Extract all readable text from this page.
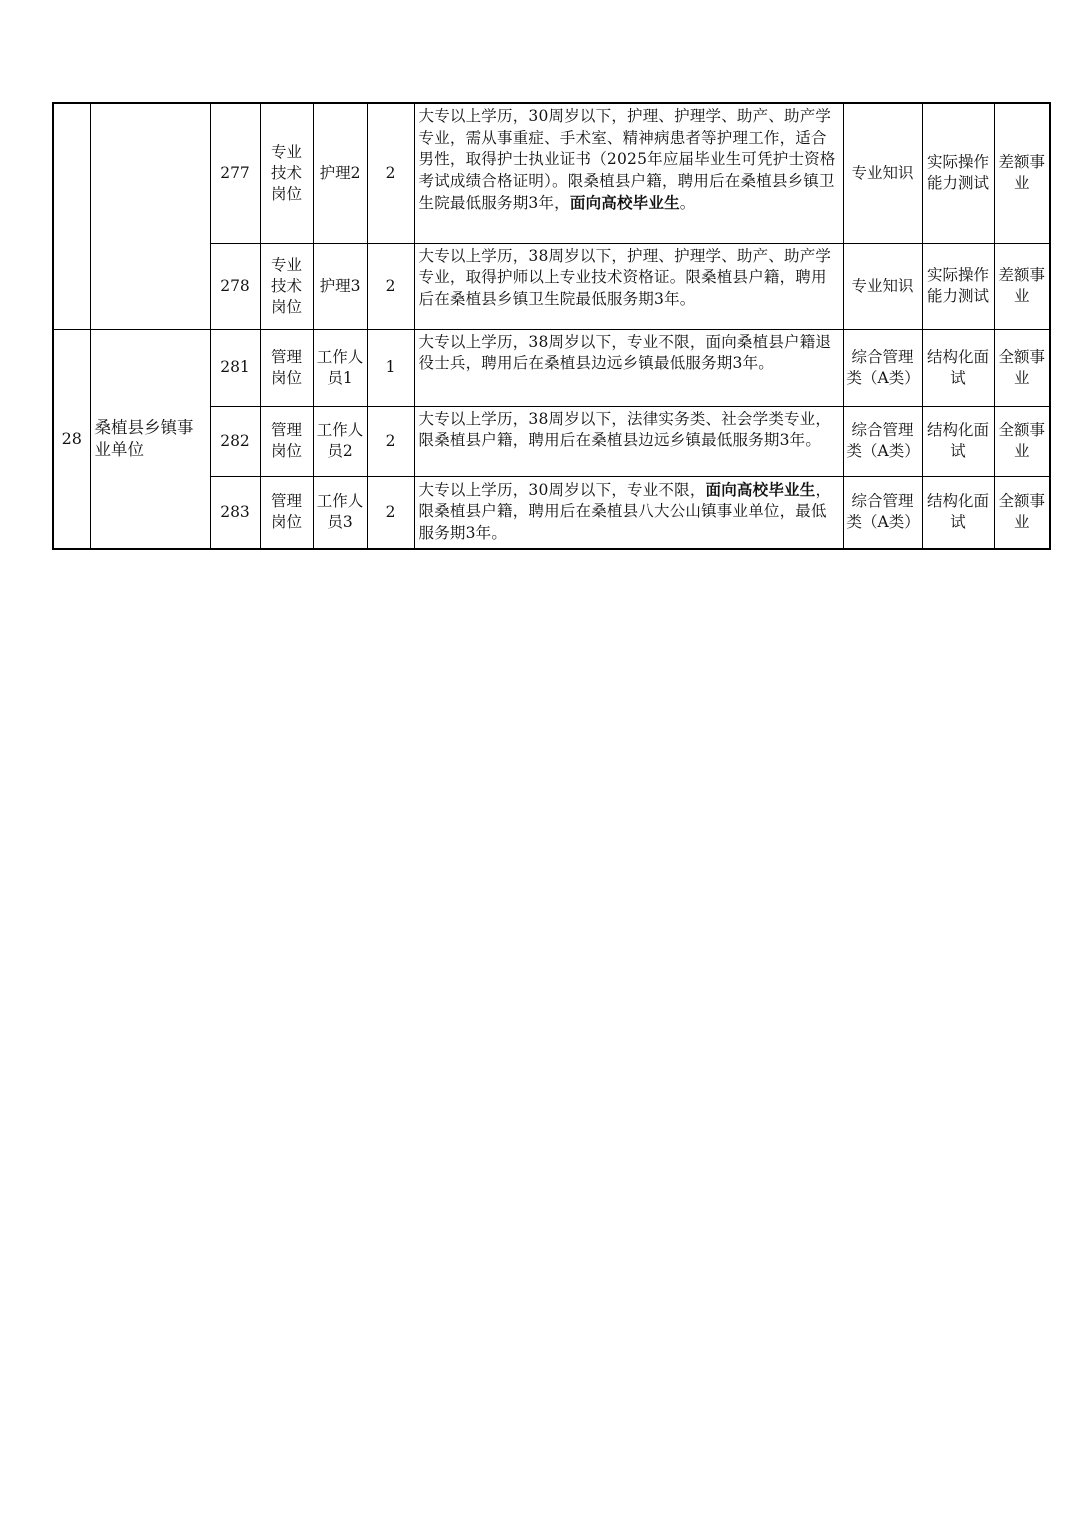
		277	专业技术岗位	护理2	2	大专以上学历，30周岁以下，护理、护理学、助产、助产学专业，需从事重症、手术室、精神病患者等护理工作，适合男性，取得护士执业证书（2025年应届毕业生可凭护士资格考试成绩合格证明）。限桑植县户籍，聘用后在桑植县乡镇卫生院最低服务期3年，面向高校毕业生。	专业知识	实际操作能力测试	差额事业
		278	专业技术岗位	护理3	2	大专以上学历，38周岁以下，护理、护理学、助产、助产学专业，取得护师以上专业技术资格证。限桑植县户籍，聘用后在桑植县乡镇卫生院最低服务期3年。	专业知识	实际操作能力测试	差额事业
28	桑植县乡镇事业单位	281	管理岗位	工作人员1	1	大专以上学历，38周岁以下，专业不限，面向桑植县户籍退役士兵，聘用后在桑植县边远乡镇最低服务期3年。	综合管理类（A类）	结构化面试	全额事业
		282	管理岗位	工作人员2	2	大专以上学历，38周岁以下，法律实务类、社会学类专业，限桑植县户籍，聘用后在桑植县边远乡镇最低服务期3年。	综合管理类（A类）	结构化面试	全额事业
		283	管理岗位	工作人员3	2	大专以上学历，30周岁以下，专业不限，面向高校毕业生，限桑植县户籍，聘用后在桑植县八大公山镇事业单位，最低服务期3年。	综合管理类（A类）	结构化面试	全额事业
